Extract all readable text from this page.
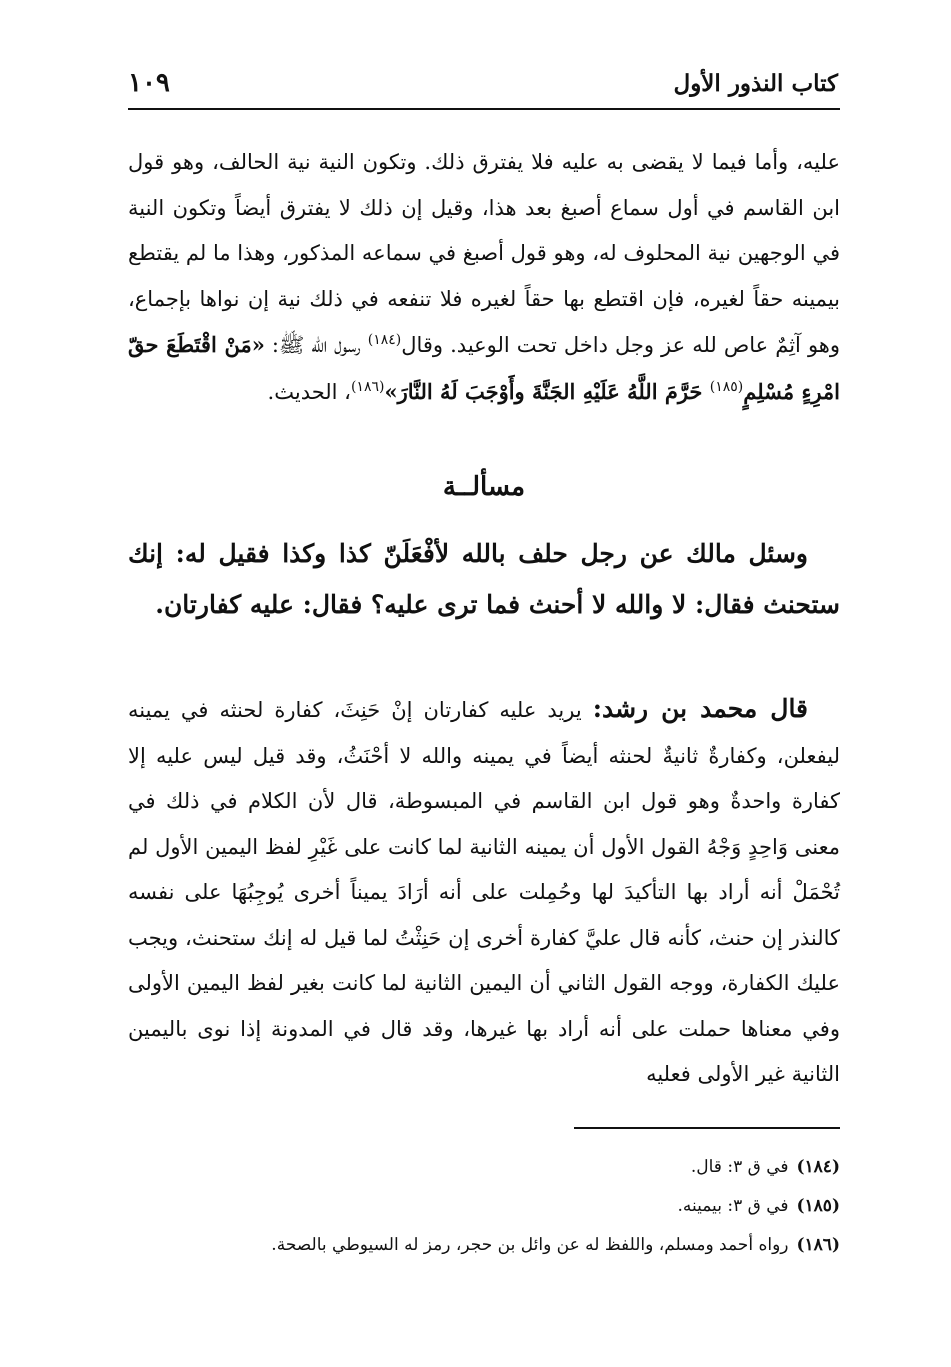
كتاب النذور الأول
١٠٩
عليه، وأما فيما لا يقضى به عليه فلا يفترق ذلك. وتكون النية نية الحالف، وهو قول ابن القاسم في أول سماع أصبغ بعد هذا، وقيل إن ذلك لا يفترق أيضاً وتكون النية في الوجهين نية المحلوف له، وهو قول أصبغ في سماعه المذكور، وهذا ما لم يقتطع بيمينه حقاً لغيره، فإن اقتطع بها حقاً لغيره فلا تنفعه في ذلك نية إن نواها بإجماع، وهو آثِمٌ عاص لله عز وجل داخل تحت الوعيد. وقال$^{(١٨٤)}$ رسول الله ﷺ: «مَنْ اقْتَطَعَ حقّ امْرِءٍ مُسْلِمٍ$^{(١٨٥)}$ حَرَّمَ اللَّهُ عَلَيْهِ الجَنَّةَ وأَوْجَبَ لَهُ النَّارَ»$^{(١٨٦)}$، الحديث.
مسألــة
وسئل مالك عن رجل حلف بالله لأفْعَلَنّ كذا وكذا فقيل له: إنك ستحنث فقال: لا والله لا أحنث فما ترى عليه؟ فقال: عليه كفارتان.
قال محمد بن رشد: يريد عليه كفارتان إنْ حَنِثَ، كفارة لحنثه في يمينه ليفعلن، وكفارةٌ ثانيةٌ لحنثه أيضاً في يمينه والله لا أحْنَثُ، وقد قيل ليس عليه إلا كفارة واحدةٌ وهو قول ابن القاسم في المبسوطة، قال لأن الكلام في ذلك في معنى وَاحِدٍ وَجْهُ القول الأول أن يمينه الثانية لما كانت على غَيْرِ لفظ اليمين الأول لم تُحْمَلْ أنه أراد بها التأكيدَ لها وحُمِلت على أنه أرَادَ يميناً أخرى يُوجِبُهَا على نفسه كالنذر إن حنث، كأنه قال عليَّ كفارة أخرى إن حَنِثْتُ لما قيل له إنك ستحنث، ويجب عليك الكفارة، ووجه القول الثاني أن اليمين الثانية لما كانت بغير لفظ اليمين الأولى وفي معناها حملت على أنه أراد بها غيرها، وقد قال في المدونة إذا نوى باليمين الثانية غير الأولى فعليه
(١٨٤)في ق ٣: قال.
(١٨٥)في ق ٣: بيمينه.
(١٨٦)رواه أحمد ومسلم، واللفظ له عن وائل بن حجر، رمز له السيوطي بالصحة.
